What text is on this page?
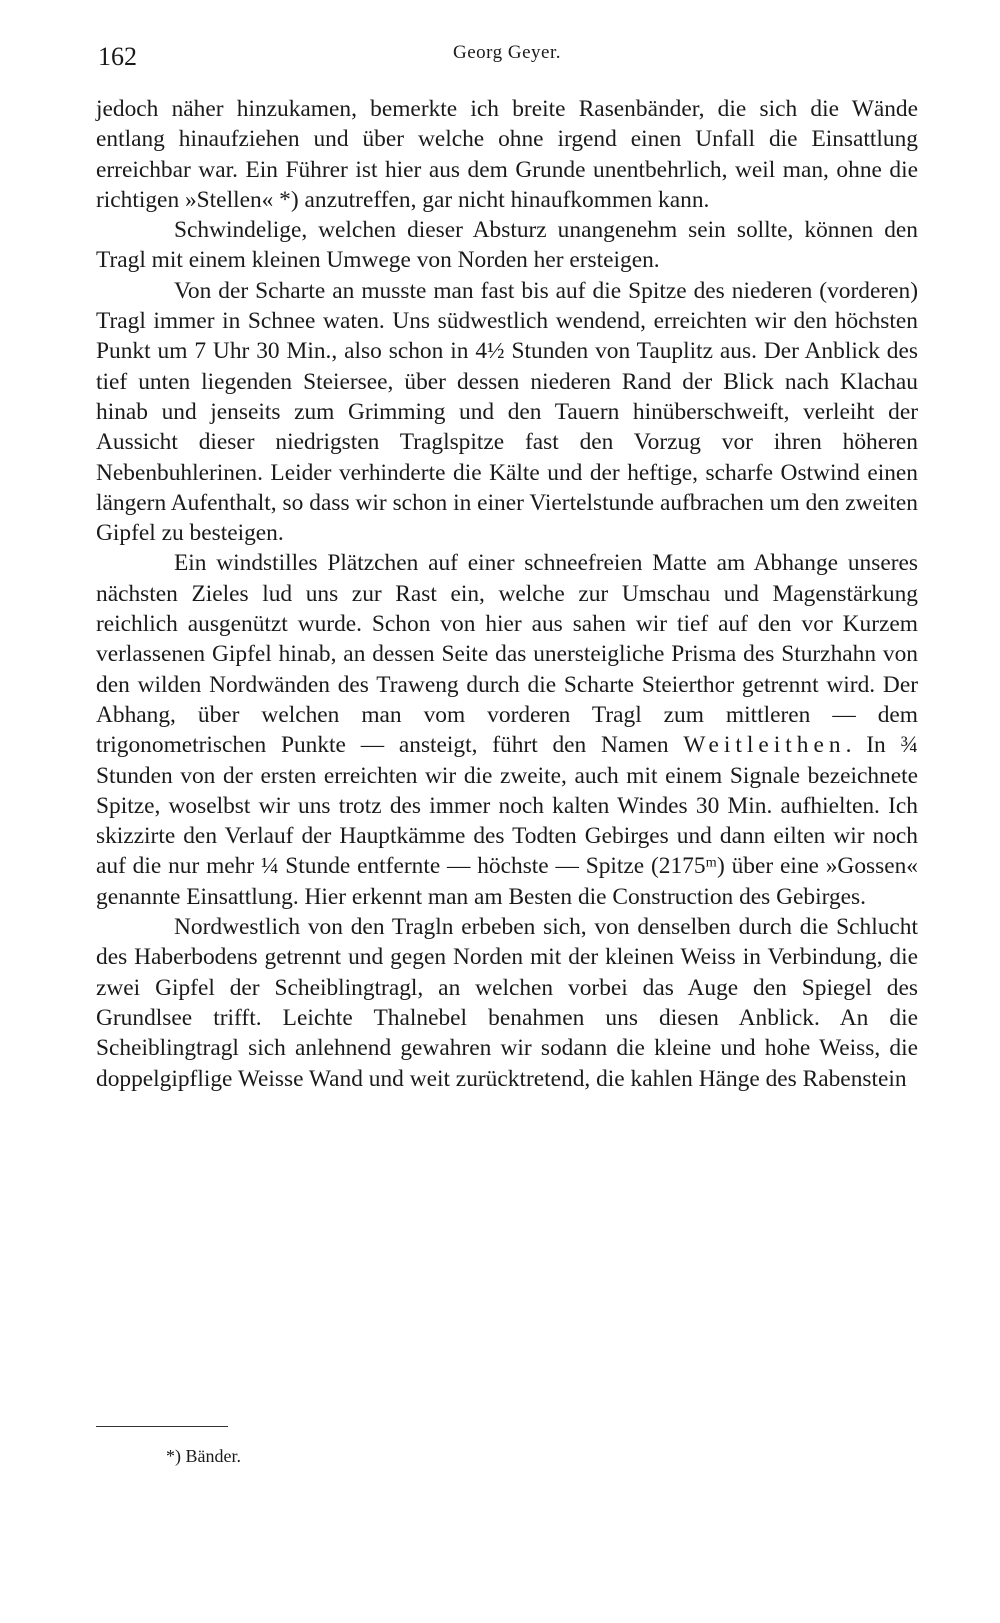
162	Georg Geyer.

jedoch näher hinzukamen, bemerkte ich breite Rasenbänder, die sich die Wände entlang hinaufziehen und über welche ohne irgend einen Unfall die Einsattlung erreichbar war. Ein Führer ist hier aus dem Grunde unentbehrlich, weil man, ohne die richtigen »Stellen« *) anzutreffen, gar nicht hinaufkommen kann.

Schwindelige, welchen dieser Absturz unangenehm sein sollte, können den Tragl mit einem kleinen Umwege von Norden her ersteigen.

Von der Scharte an musste man fast bis auf die Spitze des niederen (vorderen) Tragl immer in Schnee waten. Uns südwestlich wendend, erreichten wir den höchsten Punkt um 7 Uhr 30 Min., also schon in 4½ Stunden von Tauplitz aus. Der Anblick des tief unten liegenden Steiersee, über dessen niederen Rand der Blick nach Klachau hinab und jenseits zum Grimming und den Tauern hinüberschweift, verleiht der Aussicht dieser niedrigsten Traglspitze fast den Vorzug vor ihren höheren Nebenbuhlerinen. Leider verhinderte die Kälte und der heftige, scharfe Ostwind einen längern Aufenthalt, so dass wir schon in einer Viertelstunde aufbrachen um den zweiten Gipfel zu besteigen.

Ein windstilles Plätzchen auf einer schneefreien Matte am Abhange unseres nächsten Zieles lud uns zur Rast ein, welche zur Umschau und Magenstärkung reichlich ausgenützt wurde. Schon von hier aus sahen wir tief auf den vor Kurzem verlassenen Gipfel hinab, an dessen Seite das unersteigliche Prisma des Sturzhahn von den wilden Nordwänden des Traweng durch die Scharte Steierthor getrennt wird. Der Abhang, über welchen man vom vorderen Tragl zum mittleren — dem trigonometrischen Punkte — ansteigt, führt den Namen Weitleithen. In ¾ Stunden von der ersten erreichten wir die zweite, auch mit einem Signale bezeichnete Spitze, woselbst wir uns trotz des immer noch kalten Windes 30 Min. aufhielten. Ich skizzirte den Verlauf der Hauptkämme des Todten Gebirges und dann eilten wir noch auf die nur mehr ¼ Stunde entfernte — höchste — Spitze (2175ᵐ) über eine »Gossen« genannte Einsattlung. Hier erkennt man am Besten die Construction des Gebirges.

Nordwestlich von den Tragln erbeben sich, von denselben durch die Schlucht des Haberbodens getrennt und gegen Norden mit der kleinen Weiss in Verbindung, die zwei Gipfel der Scheiblingtragl, an welchen vorbei das Auge den Spiegel des Grundlsee trifft. Leichte Thalnebel benahmen uns diesen Anblick. An die Scheiblingtragl sich anlehnend gewahren wir sodann die kleine und hohe Weiss, die doppelgipflige Weisse Wand und weit zurücktretend, die kahlen Hänge des Rabenstein

*) Bänder.
